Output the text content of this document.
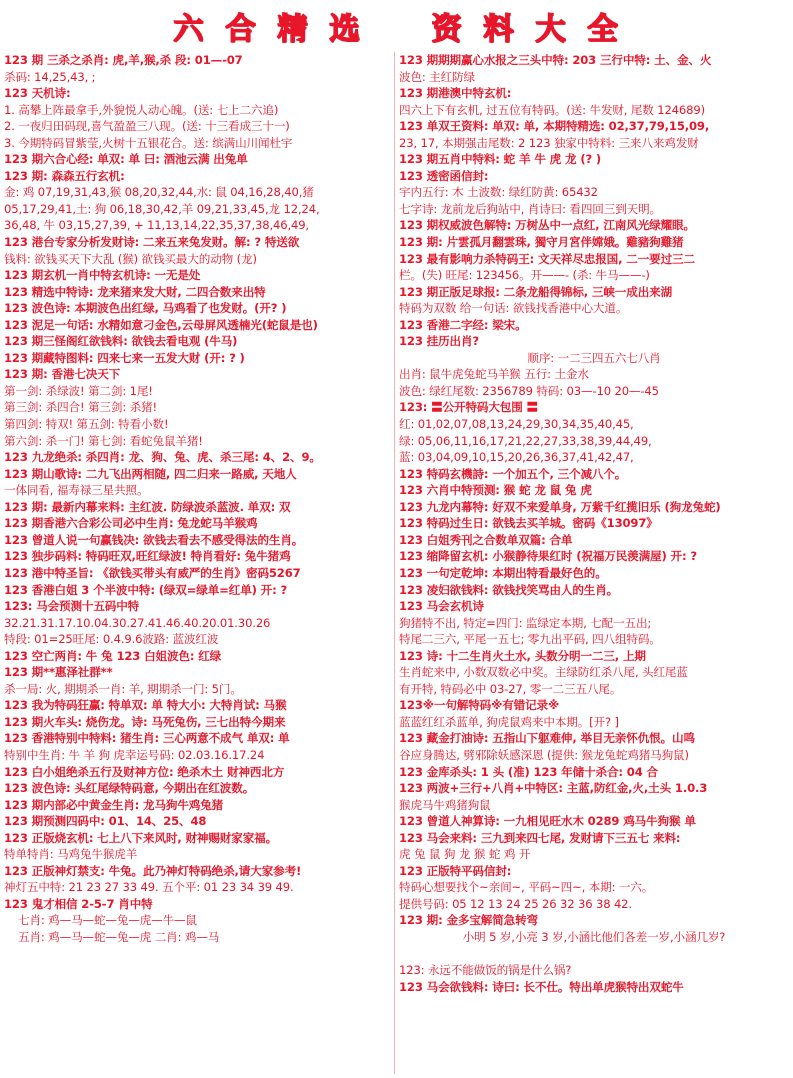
六 合 精 选 资 料 大 全
123 期 三杀之杀肖: 虎,羊,猴,杀 段: 01—-07
杀码: 14,25,43, ;
123 天机诗:
1. 高攀上阵最拿手,外貌悦人动心魄。(送: 七上二六追)
2. 一夜归田码现,喜气盈盈三八现。(送: 十三看成三十一)
3. 今期特码冒紫莹,火树十五银花合。送: 缤满山川闻杜宇
123 期六合心经: 单双: 单 曰: 酒池云满 出兔单
123 期: 森森五行玄机:
金: 鸡 07,19,31,43,猴 08,20,32,44,水: 鼠 04,16,28,40,猪
05,17,29,41,土: 狗 06,18,30,42,羊 09,21,33,45,龙 12,24,
36,48, 牛 03,15,27,39, + 11,13,14,22,35,37,38,46,49,
123 港台专家分析发财诗: 二来五来兔发财。解: ? 特送欲
钱料: 欲钱买天下大乱 (猴) 欲钱买最大的动物 (龙)
123 期玄机一肖中特玄机诗: 一无是处
123 精选中特诗: 龙来猪来发大财, 二四合数来出特
123 波色诗: 本期波色出红绿, 马鸡看了也发财。(开? )
123 泥足一句话: 水精如意刁金色,云母屏风透楠光(蛇鼠是也)
123 期三怪阁红欲钱料: 欲钱去看电观 (牛马)
123 期藏特图料: 四来七来一五发大财 (开: ? )
123 期: 香港七决天下
第一剑: 杀绿波! 第二剑: 1尾!
第三剑: 杀四合! 第三剑: 杀猪!
第四剑: 特双! 第五剑: 特看小数!
第六剑: 杀一门! 第七剑: 看蛇兔鼠羊猪!
123 九龙绝杀: 杀四肖: 龙、狗、兔、虎、杀三尾: 4、2、9。
123 期山歌诗: 二九飞出两相随, 四二归来一路威, 天地人
一体同看, 福寿禄三星共照。
123 期: 最新内幕来料: 主红波. 防绿波杀蓝波. 单双: 双
123 期香港六合彩公司必中生肖: 兔龙蛇马羊猴鸡
123 曾道人说一句赢钱决: 欲钱去看去不感受得法的生肖。
123 独步码料: 特码旺双,旺红绿波! 特肖看好: 兔牛猪鸡
123 港中特圣旨: 《欲钱买带头有威严的生肖》密码5267
123 香港白姐 3 个半波中特: (绿双=绿单=红单) 开: ?
123: 马会预测十五码中特
32.21.31.17.10.04.30.27.41.46.40.20.01.30.26
特段: 01=25旺尾: 0.4.9.6波路: 蓝波红波
123 空亡两肖: 牛 兔 123 白姐波色: 红绿
123 期**惠泽社群**
杀一局: 火, 期期杀一肖: 羊, 期期杀一门: 5门。
123 我为特码狂赢: 特单双: 单 特大小: 大特肖试: 马猴
123 期火车头: 烧伤龙。诗: 马死兔伤, 三七出特今期来
123 香港特别中特料: 猪生肖: 三心两意不成气 单双: 单
特别中生肖: 牛 羊 狗 虎幸运号码: 02.03.16.17.24
123 白小姐绝杀五行及财神方位: 绝杀木土 财神西北方
123 波色诗: 头红尾绿特码意, 今期出在红波数。
123 期内部必中黄金生肖: 龙马狗牛鸡兔猪
123 期预测四码中: 01、14、25、48
123 正版烧玄机: 七上八下来风时, 财神赐财家家福。
特单特肖: 马鸡兔牛猴虎羊
123 正版神灯禁支: 牛兔。此乃神灯特码绝杀,请大家参考!
神灯五中特: 21 23 27 33 49. 五个平: 01 23 34 39 49.
123 鬼才相信 2-5-7 肖中特
七肖: 鸡—马—蛇—兔—虎—牛—鼠
五肖: 鸡—马—蛇—兔—虎 二肖: 鸡—马
123 期期期赢心水报之三头中特: 203 三行中特: 土、金、火
波色: 主红防绿
123 期港澳中特玄机:
四六上下有玄机, 过五位有特码。(送: 牛发财, 尾数 124689)
123 单双王资料: 单双: 单, 本期特精选: 02,37,79,15,09,
23, 17, 本期强击尾数: 2 123 独家中特料: 三来八来鸡发财
123 期五肖中特料: 蛇 羊 牛 虎 龙 (? )
123 透密函信封:
宇内五行: 木 土波数: 绿红防黄: 65432
七字诗: 龙前龙后狗站中, 肖诗曰: 看四回三到天明。
123 期权威波色解特: 万树丛中一点红, 江南风光绿耀眼。
123 期: 片雲孤月翻雲珠, 獨守月宮伴嫦娥。雞豬狗雞猪
123 最有影响力杀特码王: 文天祥尽忠报国, 二一要过三二
栏。(失) 旺尾: 123456。开——- (杀: 牛马——-)
123 期正版足球报: 二条龙船得锦标, 三峡一成出来湖
特码为双数 给一句话: 欲钱找香港中心大道。
123 香港二字经: 梁宋。
123 挂历出肖?
顺序: 一二三四五六七八肖
出肖: 鼠牛虎兔蛇马羊猴 五行: 土金水
波色: 绿红尾数: 2356789 特码: 03—-10 20—-45
123: 〓公开特码大包围 〓
红: 01,02,07,08,13,24,29,30,34,35,40,45,
绿: 05,06,11,16,17,21,22,27,33,38,39,44,49,
蓝: 03,04,09,10,15,20,26,36,37,41,42,47,
123 特码玄機詩: 一个加五个, 三个减八个。
123 六肖中特预测: 猴 蛇 龙 鼠 兔 虎
123 九龙内幕特: 好双不来爱单身, 万紫千红揽旧乐 (狗龙兔蛇)
123 特码过生日: 欲钱去买羊城。密码《13097》
123 白姐秀刊之合数单双篇: 合单
123 缩降留玄机: 小猴静待果红时 (祝福万民羡满屋) 开: ?
123 一句定乾坤: 本期出特看最好色的。
123 凌妇欲钱料: 欲钱找笑骂由人的生肖。
123 马会玄机诗
狗猪特不出, 特定=四门: 监绿定本期, 七配一五出;
特尾二三六, 平尾一五七; 零九出平码, 四八组特码。
123 诗: 十二生肖火土水, 头数分明一二三, 上期
生肖蛇来中, 小数双数必中奖。主绿防红杀八尾, 头红尾蓝
有开特, 特码必中 03-27, 零一二三五八尾。
123※一句解特码※有错记录※
蓝蓝红红杀蓝单, 狗虎鼠鸡来中本期。[开? ]
123 藏金打油诗: 五指山下躯难伸, 举目无亲怀仇恨。山鸣
谷应身腾达, 劈邪除妖感深恩 (提供: 猴龙兔蛇鸡猪马狗鼠)
123 金库杀头: 1 头 (准) 123 年储十杀合: 04 合
123 两波+三行+八肖+中特区: 主蓝,防红金,火,土头 1.0.3
猴虎马牛鸡猪狗鼠
123 曾道人神算诗: 一九相见旺水木 0289 鸡马牛狗猴 单
123 马会来料: 三九到来四七尾, 发财请下三五七 来料:
虎 兔 鼠 狗 龙 猴 蛇 鸡 开
123 正版特平码信封:
特码心想要找个~亲间~, 平码~四~, 本期: 一六。
提供号码: 05 12 13 24 25 26 32 36 38 42.
123 期: 金多宝解简急转弯
小明 5 岁,小亮 3 岁,小涵比他们各差一岁,小涵几岁?
123: 永远不能做饭的锅是什么锅?
123 马会欲钱料: 诗曰: 长不仕。特出单虎猴特出双蛇牛
